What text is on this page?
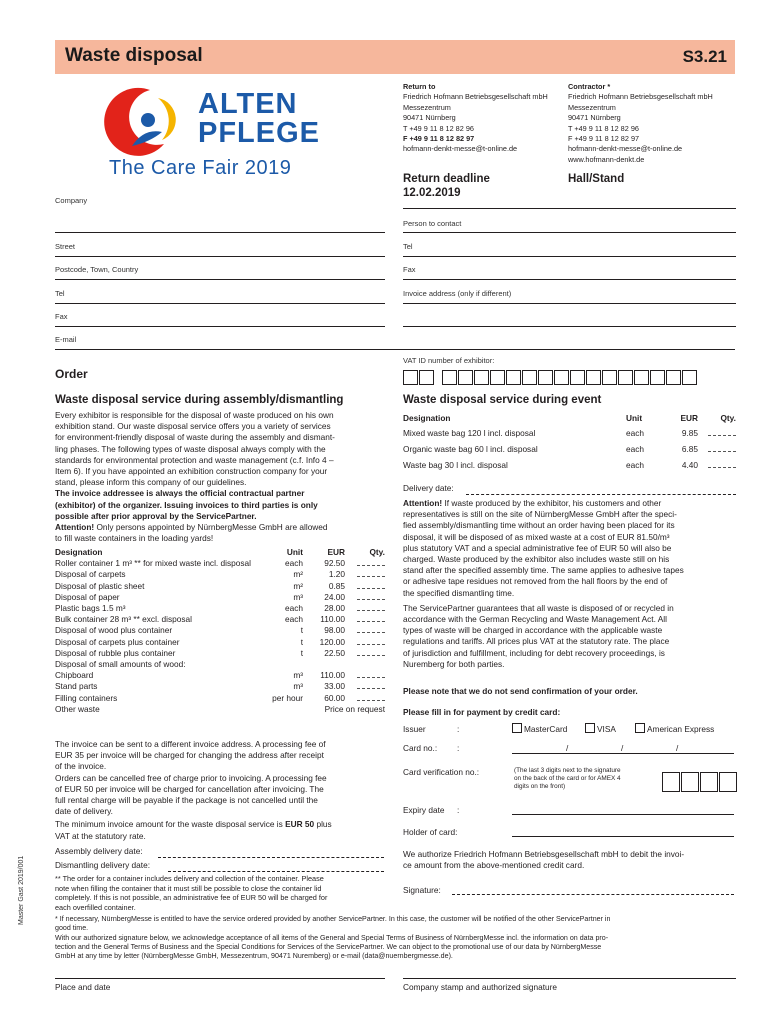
Waste disposal	S3.21
ALTEN
PFLEGE
The Care Fair 2019
Return to
Friedrich Hofmann Betriebsgesellschaft mbH
Messezentrum
90471 Nürnberg
T +49 9 11 8 12 82 96
F +49 9 11 8 12 82 97
hofmann-denkt-messe@t-online.de
Contractor *
Friedrich Hofmann Betriebsgesellschaft mbH
Messezentrum
90471 Nürnberg
T +49 9 11 8 12 82 96
F +49 9 11 8 12 82 97
hofmann-denkt-messe@t-online.de
www.hofmann-denkt.de
Return deadline
12.02.2019
Hall/Stand
Company
Street
Postcode, Town, Country
Tel
Fax
E-mail
Person to contact
Tel
Fax
Invoice address (only if different)
VAT ID number of exhibitor:
Order
Waste disposal service during assembly/dismantling
Every exhibitor is responsible for the disposal of waste produced on his own
exhibition stand. Our waste disposal service offers you a variety of services
for environment-friendly disposal of waste during the assembly and dismant-
ling phases. The following types of waste disposal always comply with the
standards for environmental protection and waste management (c.f. Info 4 –
Item 6). If you have appointed an exhibition construction company for your
stand, please inform this company of our guidelines.
The invoice addressee is always the official contractual partner
(exhibitor) of the organizer. Issuing invoices to third parties is only
possible after prior approval by the ServicePartner.
Attention! Only persons appointed by NürnbergMesse GmbH are allowed
to fill waste containers in the loading yards!
Designation	Unit	EUR	Qty.
Roller container 1 m³ ** for mixed waste incl. disposal	each	92.50
Disposal of carpets	m²	1.20
Disposal of plastic sheet	m²	0.85
Disposal of paper	m³	24.00
Plastic bags 1.5 m³	each	28.00
Bulk container 28 m³ ** excl. disposal	each	110.00
Disposal of wood plus container	t	98.00
Disposal of carpets plus container	t	120.00
Disposal of rubble plus container	t	22.50
Disposal of small amounts of wood:
Chipboard	m³	110.00
Stand parts	m³	33.00
Filling containers	per hour	60.00
Other waste	Price on request
The invoice can be sent to a different invoice address. A processing fee of
EUR 35 per invoice will be charged for changing the address after receipt
of the invoice.
Orders can be cancelled free of charge prior to invoicing. A processing fee
of EUR 50 per invoice will be charged for cancellation after invoicing. The
full rental charge will be payable if the package is not cancelled until the
date of delivery.
The minimum invoice amount for the waste disposal service is EUR 50 plus
VAT at the statutory rate.
Assembly delivery date:
Dismantling delivery date:
** The order for a container includes delivery and collection of the container. Please
note when filling the container that it must still be possible to close the container lid
completely. If this is not possible, an administrative fee of EUR 50 will be charged for
each overfilled container.
Waste disposal service during event
Designation	Unit	EUR	Qty.
Mixed waste bag 120 l incl. disposal	each	9.85
Organic waste bag 60 l incl. disposal	each	6.85
Waste bag 30 l incl. disposal	each	4.40
Delivery date:
Attention! If waste produced by the exhibitor, his customers and other
representatives is still on the site of NürnbergMesse GmbH after the speci-
fied assembly/dismantling time without an order having been placed for its
disposal, it will be disposed of as mixed waste at a cost of EUR 81.50/m³
plus statutory VAT and a special administrative fee of EUR 50 will also be
charged. Waste produced by the exhibitor also includes waste still on his
stand after the specified assembly time. The same applies to adhesive tapes
or adhesive tape residues not removed from the hall floors by the end of
the specified dismantling time.
The ServicePartner guarantees that all waste is disposed of or recycled in
accordance with the German Recycling and Waste Management Act. All
types of waste will be charged in accordance with the applicable waste
regulations and tariffs. All prices plus VAT at the statutory rate. The place
of jurisdiction and fulfillment, including for debt recovery proceedings, is
Nuremberg for both parties.
Please note that we do not send confirmation of your order.
Please fill in for payment by credit card:
Issuer	:	MasterCard	VISA	American Express
Card no.: :	/	/	/
Card verification no.:	(The last 3 digits next to the signature
on the back of the card or for AMEX 4
digits on the front)
Expiry date :
Holder of card:
We authorize Friedrich Hofmann Betriebsgesellschaft mbH to debit the invoi-
ce amount from the above-mentioned credit card.
Signature:
* If necessary, NürnbergMesse is entitled to have the service ordered provided by another ServicePartner. In this case, the customer will be notified of the other ServicePartner in
good time.
With our authorized signature below, we acknowledge acceptance of all items of the General and Special Terms of Business of NürnbergMesse incl. the information on data pro-
tection and the General Terms of Business and the Special Conditions for Services of the ServicePartner. We can object to the promotional use of our data by NürnbergMesse
GmbH at any time by letter (NürnbergMesse GmbH, Messezentrum, 90471 Nuremberg) or e-mail (data@nuernbergmesse.de).
Place and date	Company stamp and authorized signature
Master Gast 2019/001
